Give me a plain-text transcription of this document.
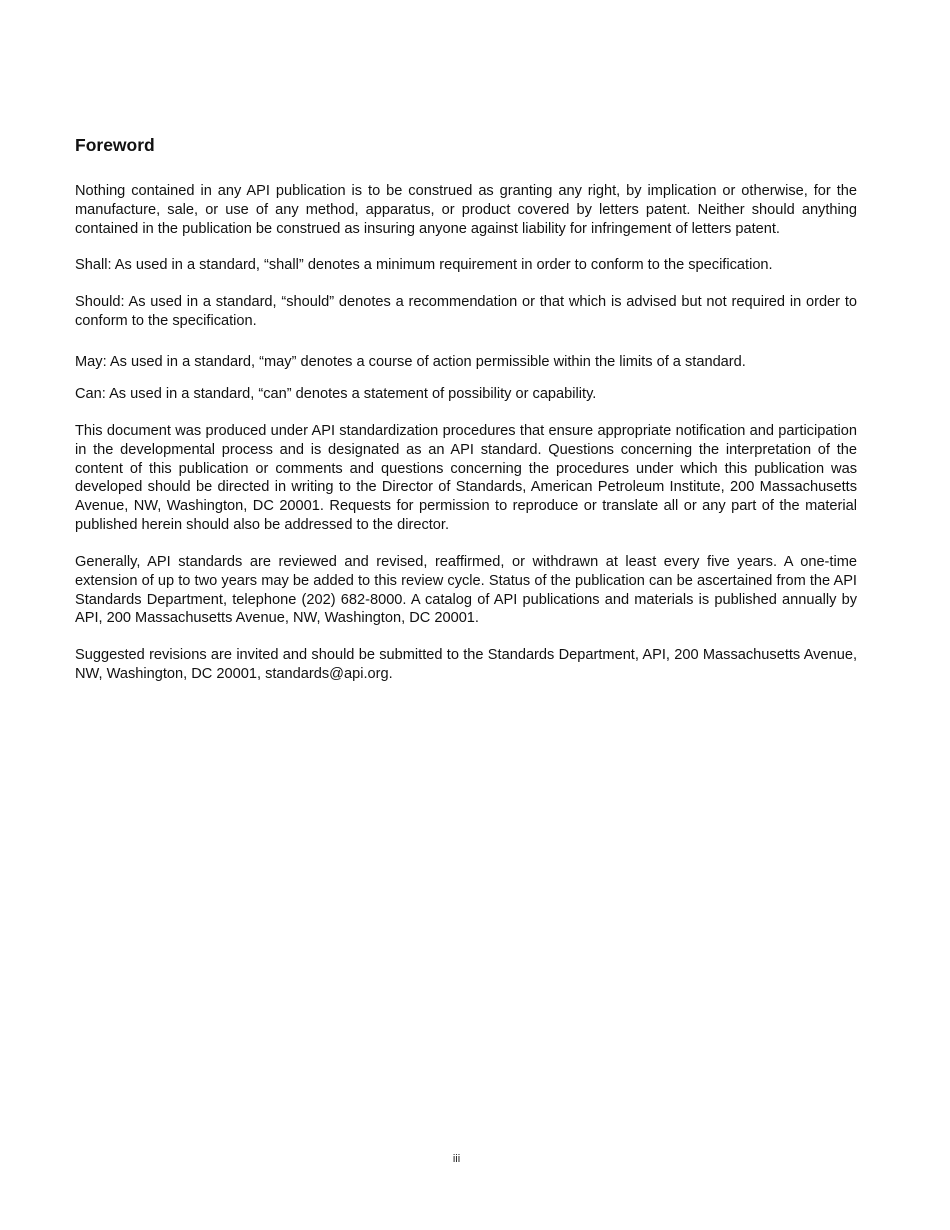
Foreword

Nothing contained in any API publication is to be construed as granting any right, by implication or otherwise, for the manufacture, sale, or use of any method, apparatus, or product covered by letters patent. Neither should anything contained in the publication be construed as insuring anyone against liability for infringement of letters patent.

Shall: As used in a standard, “shall” denotes a minimum requirement in order to conform to the specification.

Should: As used in a standard, “should” denotes a recommendation or that which is advised but not required in order to conform to the specification.

May: As used in a standard, “may” denotes a course of action permissible within the limits of a standard.

Can: As used in a standard, “can” denotes a statement of possibility or capability.

This document was produced under API standardization procedures that ensure appropriate notification and participation in the developmental process and is designated as an API standard. Questions concerning the interpretation of the content of this publication or comments and questions concerning the procedures under which this publication was developed should be directed in writing to the Director of Standards, American Petroleum Institute, 200 Massachusetts Avenue, NW, Washington, DC 20001. Requests for permission to reproduce or translate all or any part of the material published herein should also be addressed to the director.

Generally, API standards are reviewed and revised, reaffirmed, or withdrawn at least every five years. A one-time extension of up to two years may be added to this review cycle. Status of the publication can be ascertained from the API Standards Department, telephone (202) 682-8000. A catalog of API publications and materials is published annually by API, 200 Massachusetts Avenue, NW, Washington, DC 20001.

Suggested revisions are invited and should be submitted to the Standards Department, API, 200 Massachusetts Avenue, NW, Washington, DC 20001, standards@api.org.

iii
